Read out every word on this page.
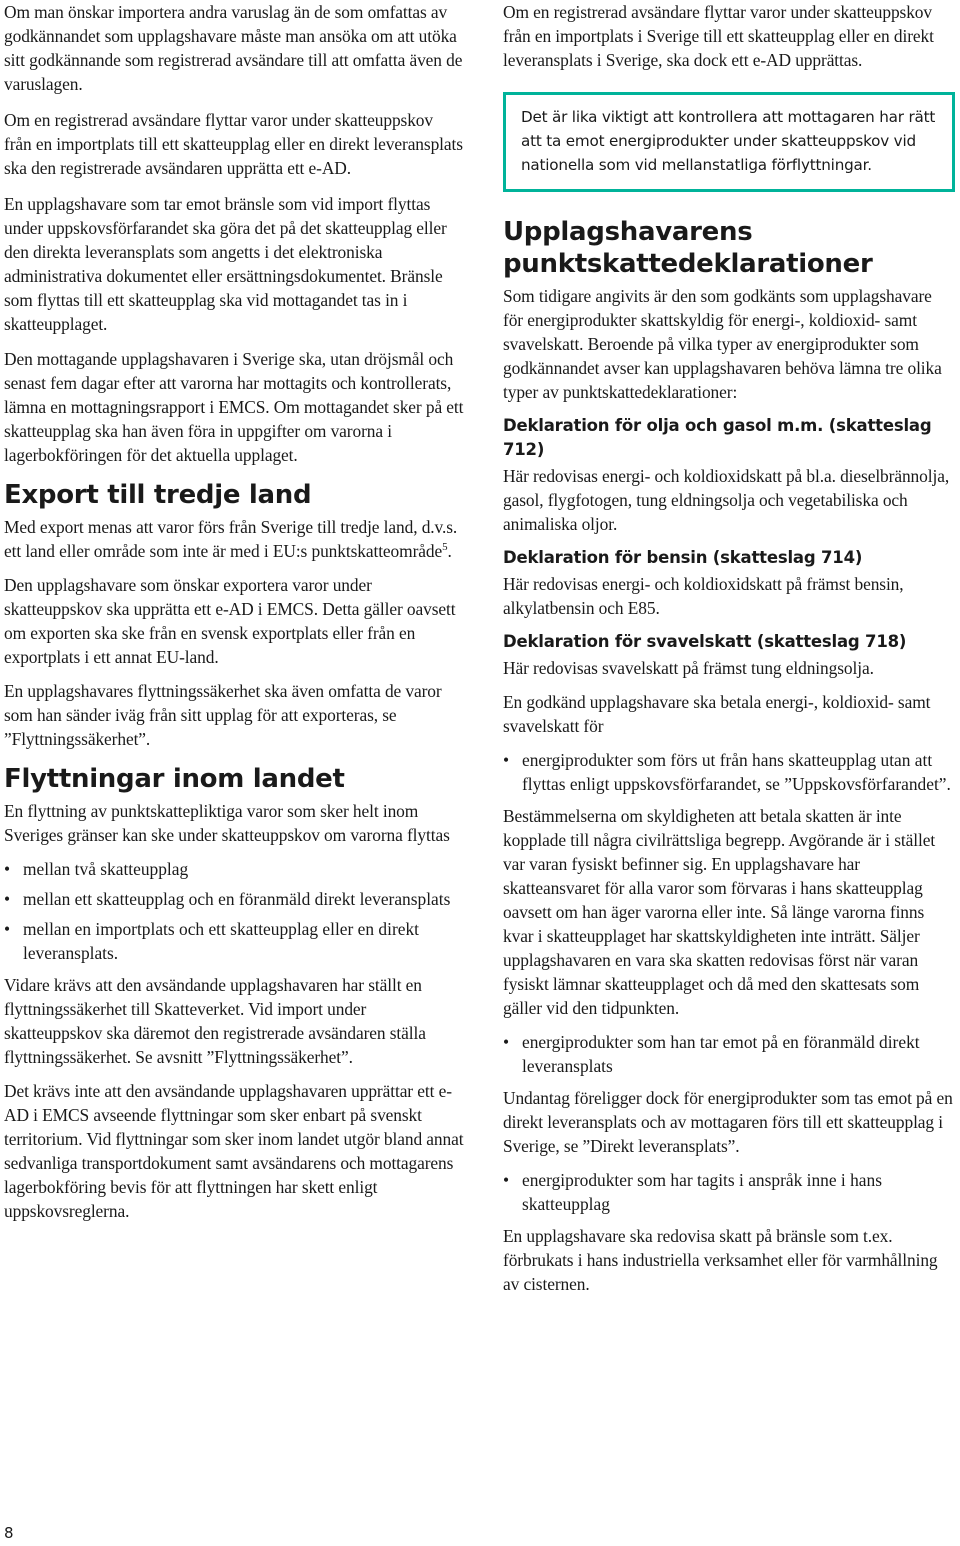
Om man önskar importera andra varuslag än de som omfattas av godkännandet som upplagshavare måste man ansöka om att utöka sitt godkännande som registrerad avsändare till att omfatta även de varuslagen.

Om en registrerad avsändare flyttar varor under skatteuppskov från en importplats till ett skatteupplag eller en direkt leveransplats ska den registrerade avsändaren upprätta ett e-AD.

En upplagshavare som tar emot bränsle som vid import flyttas under uppskovsförfarandet ska göra det på det skatteupplag eller den direkta leveransplats som angetts i det elektroniska administrativa dokumentet eller ersättningsdokumentet. Bränsle som flyttas till ett skatteupplag ska vid mottagandet tas in i skatteupplaget.

Den mottagande upplagshavaren i Sverige ska, utan dröjsmål och senast fem dagar efter att varorna har mottagits och kontrollerats, lämna en mottagningsrapport i EMCS. Om mottagandet sker på ett skatteupplag ska han även föra in uppgifter om varorna i lagerbokföringen för det aktuella upplaget.

Export till tredje land

Med export menas att varor förs från Sverige till tredje land, d.v.s. ett land eller område som inte är med i EU:s punktskatteområde$^5$.

Den upplagshavare som önskar exportera varor under skatteuppskov ska upprätta ett e-AD i EMCS. Detta gäller oavsett om exporten ska ske från en svensk exportplats eller från en exportplats i ett annat EU-land.

En upplagshavares flyttningssäkerhet ska även omfatta de varor som han sänder iväg från sitt upplag för att exporteras, se ”Flyttningssäkerhet”.

Flyttningar inom landet

En flyttning av punktskattepliktiga varor som sker helt inom Sveriges gränser kan ske under skatteuppskov om varorna flyttas

• mellan två skatteupplag
• mellan ett skatteupplag och en föranmäld direkt leveransplats
• mellan en importplats och ett skatteupplag eller en direkt leveransplats.

Vidare krävs att den avsändande upplagshavaren har ställt en flyttningssäkerhet till Skatteverket. Vid import under skatteuppskov ska däremot den registrerade avsändaren ställa flyttningssäkerhet. Se avsnitt ”Flyttningssäkerhet”.

Det krävs inte att den avsändande upplagshavaren upprättar ett e-AD i EMCS avseende flyttningar som sker enbart på svenskt territorium. Vid flyttningar som sker inom landet utgör bland annat sedvanliga transportdokument samt avsändarens och mottagarens lagerbokföring bevis för att flyttningen har skett enligt uppskovsreglerna.

Om en registrerad avsändare flyttar varor under skatteuppskov från en importplats i Sverige till ett skatteupplag eller en direkt leveransplats i Sverige, ska dock ett e-AD upprättas.

Det är lika viktigt att kontrollera att mottagaren har rätt att ta emot energiprodukter under skatteuppskov vid nationella som vid mellanstatliga förflyttningar.

Upplagshavarens punktskattedeklarationer

Som tidigare angivits är den som godkänts som upplagshavare för energiprodukter skattskyldig för energi-, koldioxid- samt svavelskatt. Beroende på vilka typer av energiprodukter som godkännandet avser kan upplagshavaren behöva lämna tre olika typer av punktskattedeklarationer:

Deklaration för olja och gasol m.m. (skatteslag 712)

Här redovisas energi- och koldioxidskatt på bl.a. dieselbrännolja, gasol, flygfotogen, tung eldningsolja och vegetabiliska och animaliska oljor.

Deklaration för bensin (skatteslag 714)

Här redovisas energi- och koldioxidskatt på främst bensin, alkylatbensin och E85.

Deklaration för svavelskatt (skatteslag 718)

Här redovisas svavelskatt på främst tung eldningsolja.

En godkänd upplagshavare ska betala energi-, koldioxid- samt svavelskatt för

• energiprodukter som förs ut från hans skatteupplag utan att flyttas enligt uppskovsförfarandet, se ”Uppskovsförfarandet”.

Bestämmelserna om skyldigheten att betala skatten är inte kopplade till några civilrättsliga begrepp. Avgörande är i stället var varan fysiskt befinner sig. En upplagshavare har skatteansvaret för alla varor som förvaras i hans skatteupplag oavsett om han äger varorna eller inte. Så länge varorna finns kvar i skatteupplaget har skattskyldigheten inte inträtt. Säljer upplagshavaren en vara ska skatten redovisas först när varan fysiskt lämnar skatteupplaget och då med den skattesats som gäller vid den tidpunkten.

• energiprodukter som han tar emot på en föranmäld direkt leveransplats

Undantag föreligger dock för energiprodukter som tas emot på en direkt leveransplats och av mottagaren förs till ett skatteupplag i Sverige, se ”Direkt leveransplats”.

• energiprodukter som har tagits i anspråk inne i hans skatteupplag

En upplagshavare ska redovisa skatt på bränsle som t.ex. förbrukats i hans industriella verksamhet eller för varmhållning av cisternen.

8
